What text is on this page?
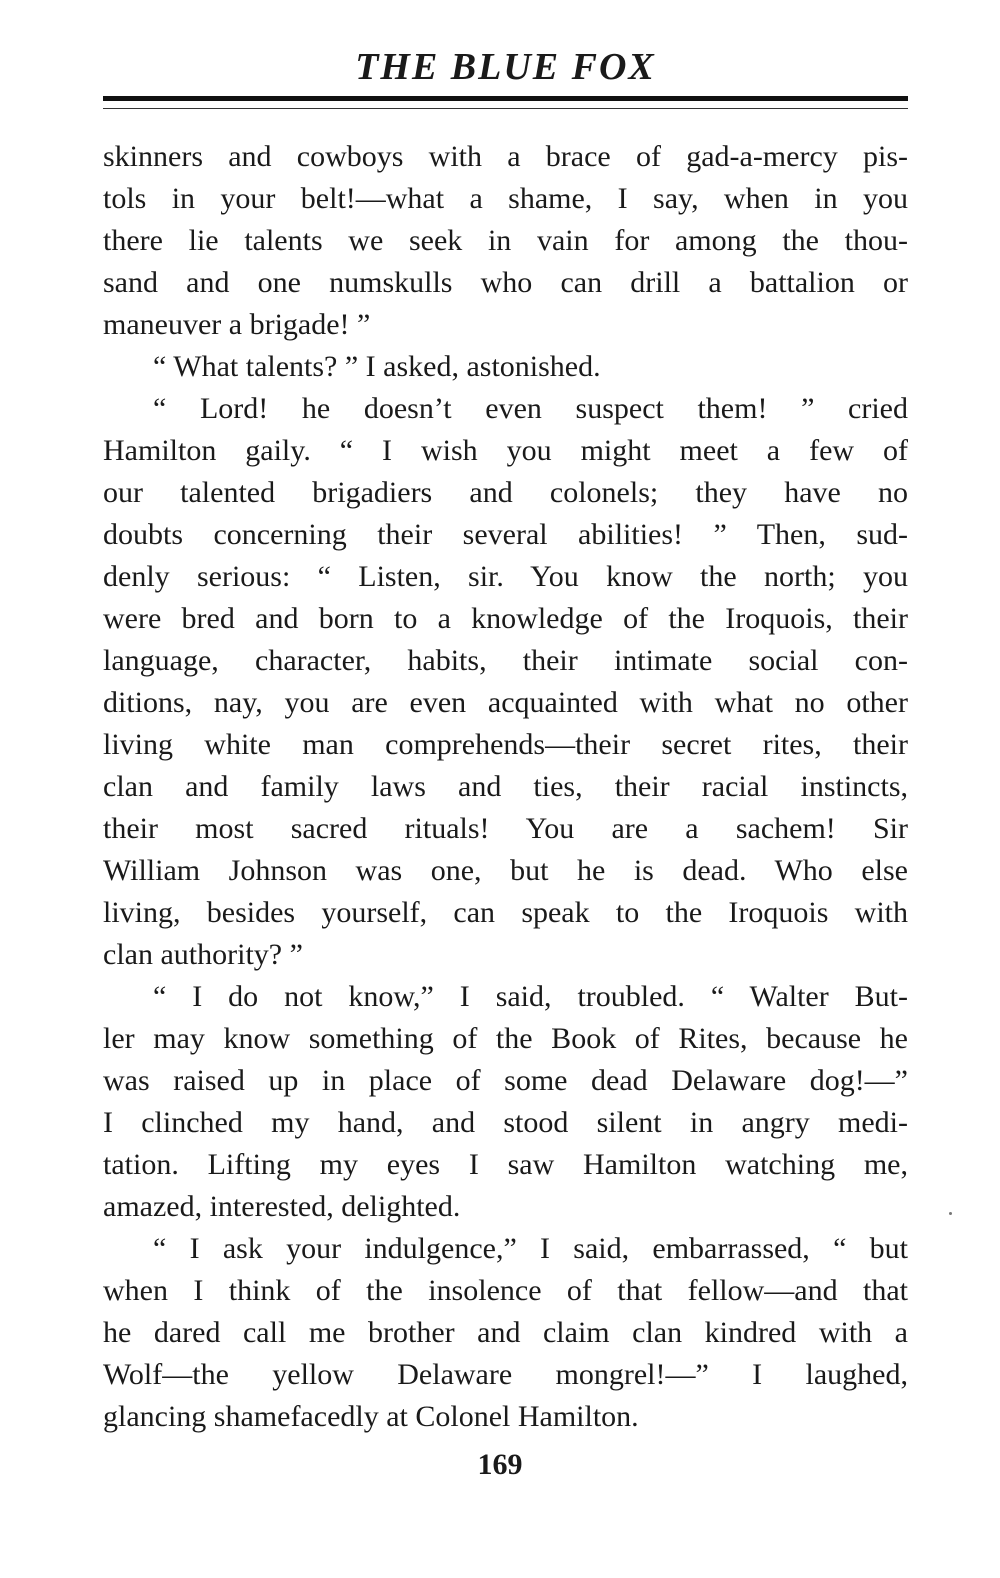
THE BLUE FOX
skinners and cowboys with a brace of gad-a-mercy pis-
tols in your belt!—what a shame, I say, when in you
there lie talents we seek in vain for among the thou-
sand and one numskulls who can drill a battalion or
maneuver a brigade! ”
“ What talents? ” I asked, astonished.
“ Lord! he doesn’t even suspect them! ” cried
Hamilton gaily. “ I wish you might meet a few of
our talented brigadiers and colonels; they have no
doubts concerning their several abilities! ” Then, sud-
denly serious: “ Listen, sir. You know the north; you
were bred and born to a knowledge of the Iroquois, their
language, character, habits, their intimate social con-
ditions, nay, you are even acquainted with what no other
living white man comprehends—their secret rites, their
clan and family laws and ties, their racial instincts,
their most sacred rituals! You are a sachem! Sir
William Johnson was one, but he is dead. Who else
living, besides yourself, can speak to the Iroquois with
clan authority? ”
“ I do not know,” I said, troubled. “ Walter But-
ler may know something of the Book of Rites, because he
was raised up in place of some dead Delaware dog!—”
I clinched my hand, and stood silent in angry medi-
tation. Lifting my eyes I saw Hamilton watching me,
amazed, interested, delighted.
“ I ask your indulgence,” I said, embarrassed, “ but
when I think of the insolence of that fellow—and that
he dared call me brother and claim clan kindred with a
Wolf—the yellow Delaware mongrel!—” I laughed,
glancing shamefacedly at Colonel Hamilton.
169
